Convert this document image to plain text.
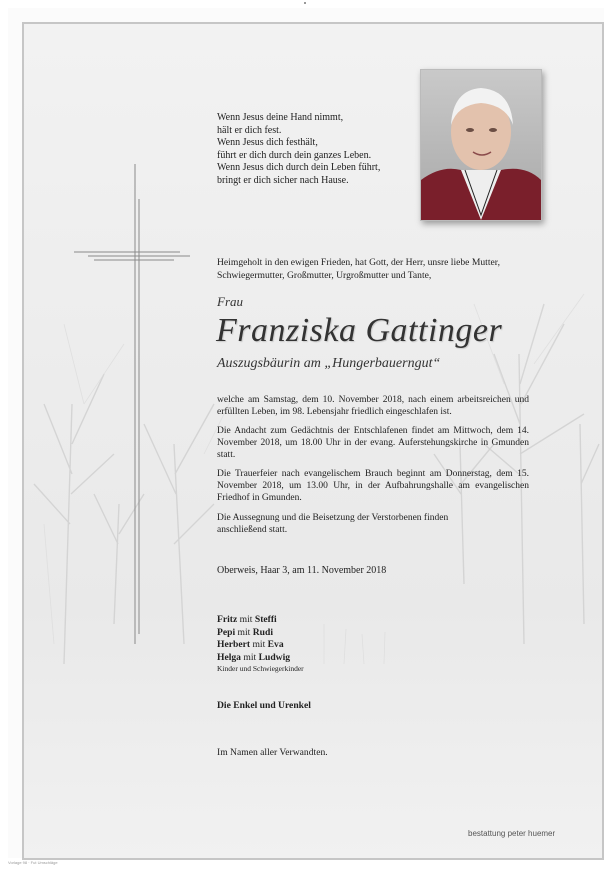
Wenn Jesus deine Hand nimmt,
hält er dich fest.
Wenn Jesus dich festhält,
führt er dich durch dein ganzes Leben.
Wenn Jesus dich durch dein Leben führt,
bringt er dich sicher nach Hause.
Heimgeholt in den ewigen Frieden, hat Gott, der Herr, unsre liebe Mutter,
Schwiegermutter, Großmutter, Urgroßmutter und Tante,
Frau
Franziska Gattinger
Auszugsbäurin am „Hungerbauerngut“
welche am Samstag, dem 10. November 2018, nach einem arbeitsreichen und erfüllten Leben, im 98. Lebensjahr friedlich eingeschlafen ist.
Die Andacht zum Gedächtnis der Entschlafenen findet am Mittwoch, dem 14. November 2018, um 18.00 Uhr in der evang. Auferstehungskirche in Gmunden statt.
Die Trauerfeier nach evangelischem Brauch beginnt am Donnerstag, dem 15. November 2018, um 13.00 Uhr, in der Aufbahrungshalle am evangelischen Friedhof in Gmunden.
Die Aussegnung und die Beisetzung der Verstorbenen finden anschließend statt.
Oberweis, Haar 3, am 11. November 2018
Fritz mit Steffi
Pepi mit Rudi
Herbert mit Eva
Helga mit Ludwig
Kinder und Schwiegerkinder
Die Enkel und Urenkel
Im Namen aller Verwandten.
bestattung peter huemer
Vorlage 98 · Fut Umschläge
